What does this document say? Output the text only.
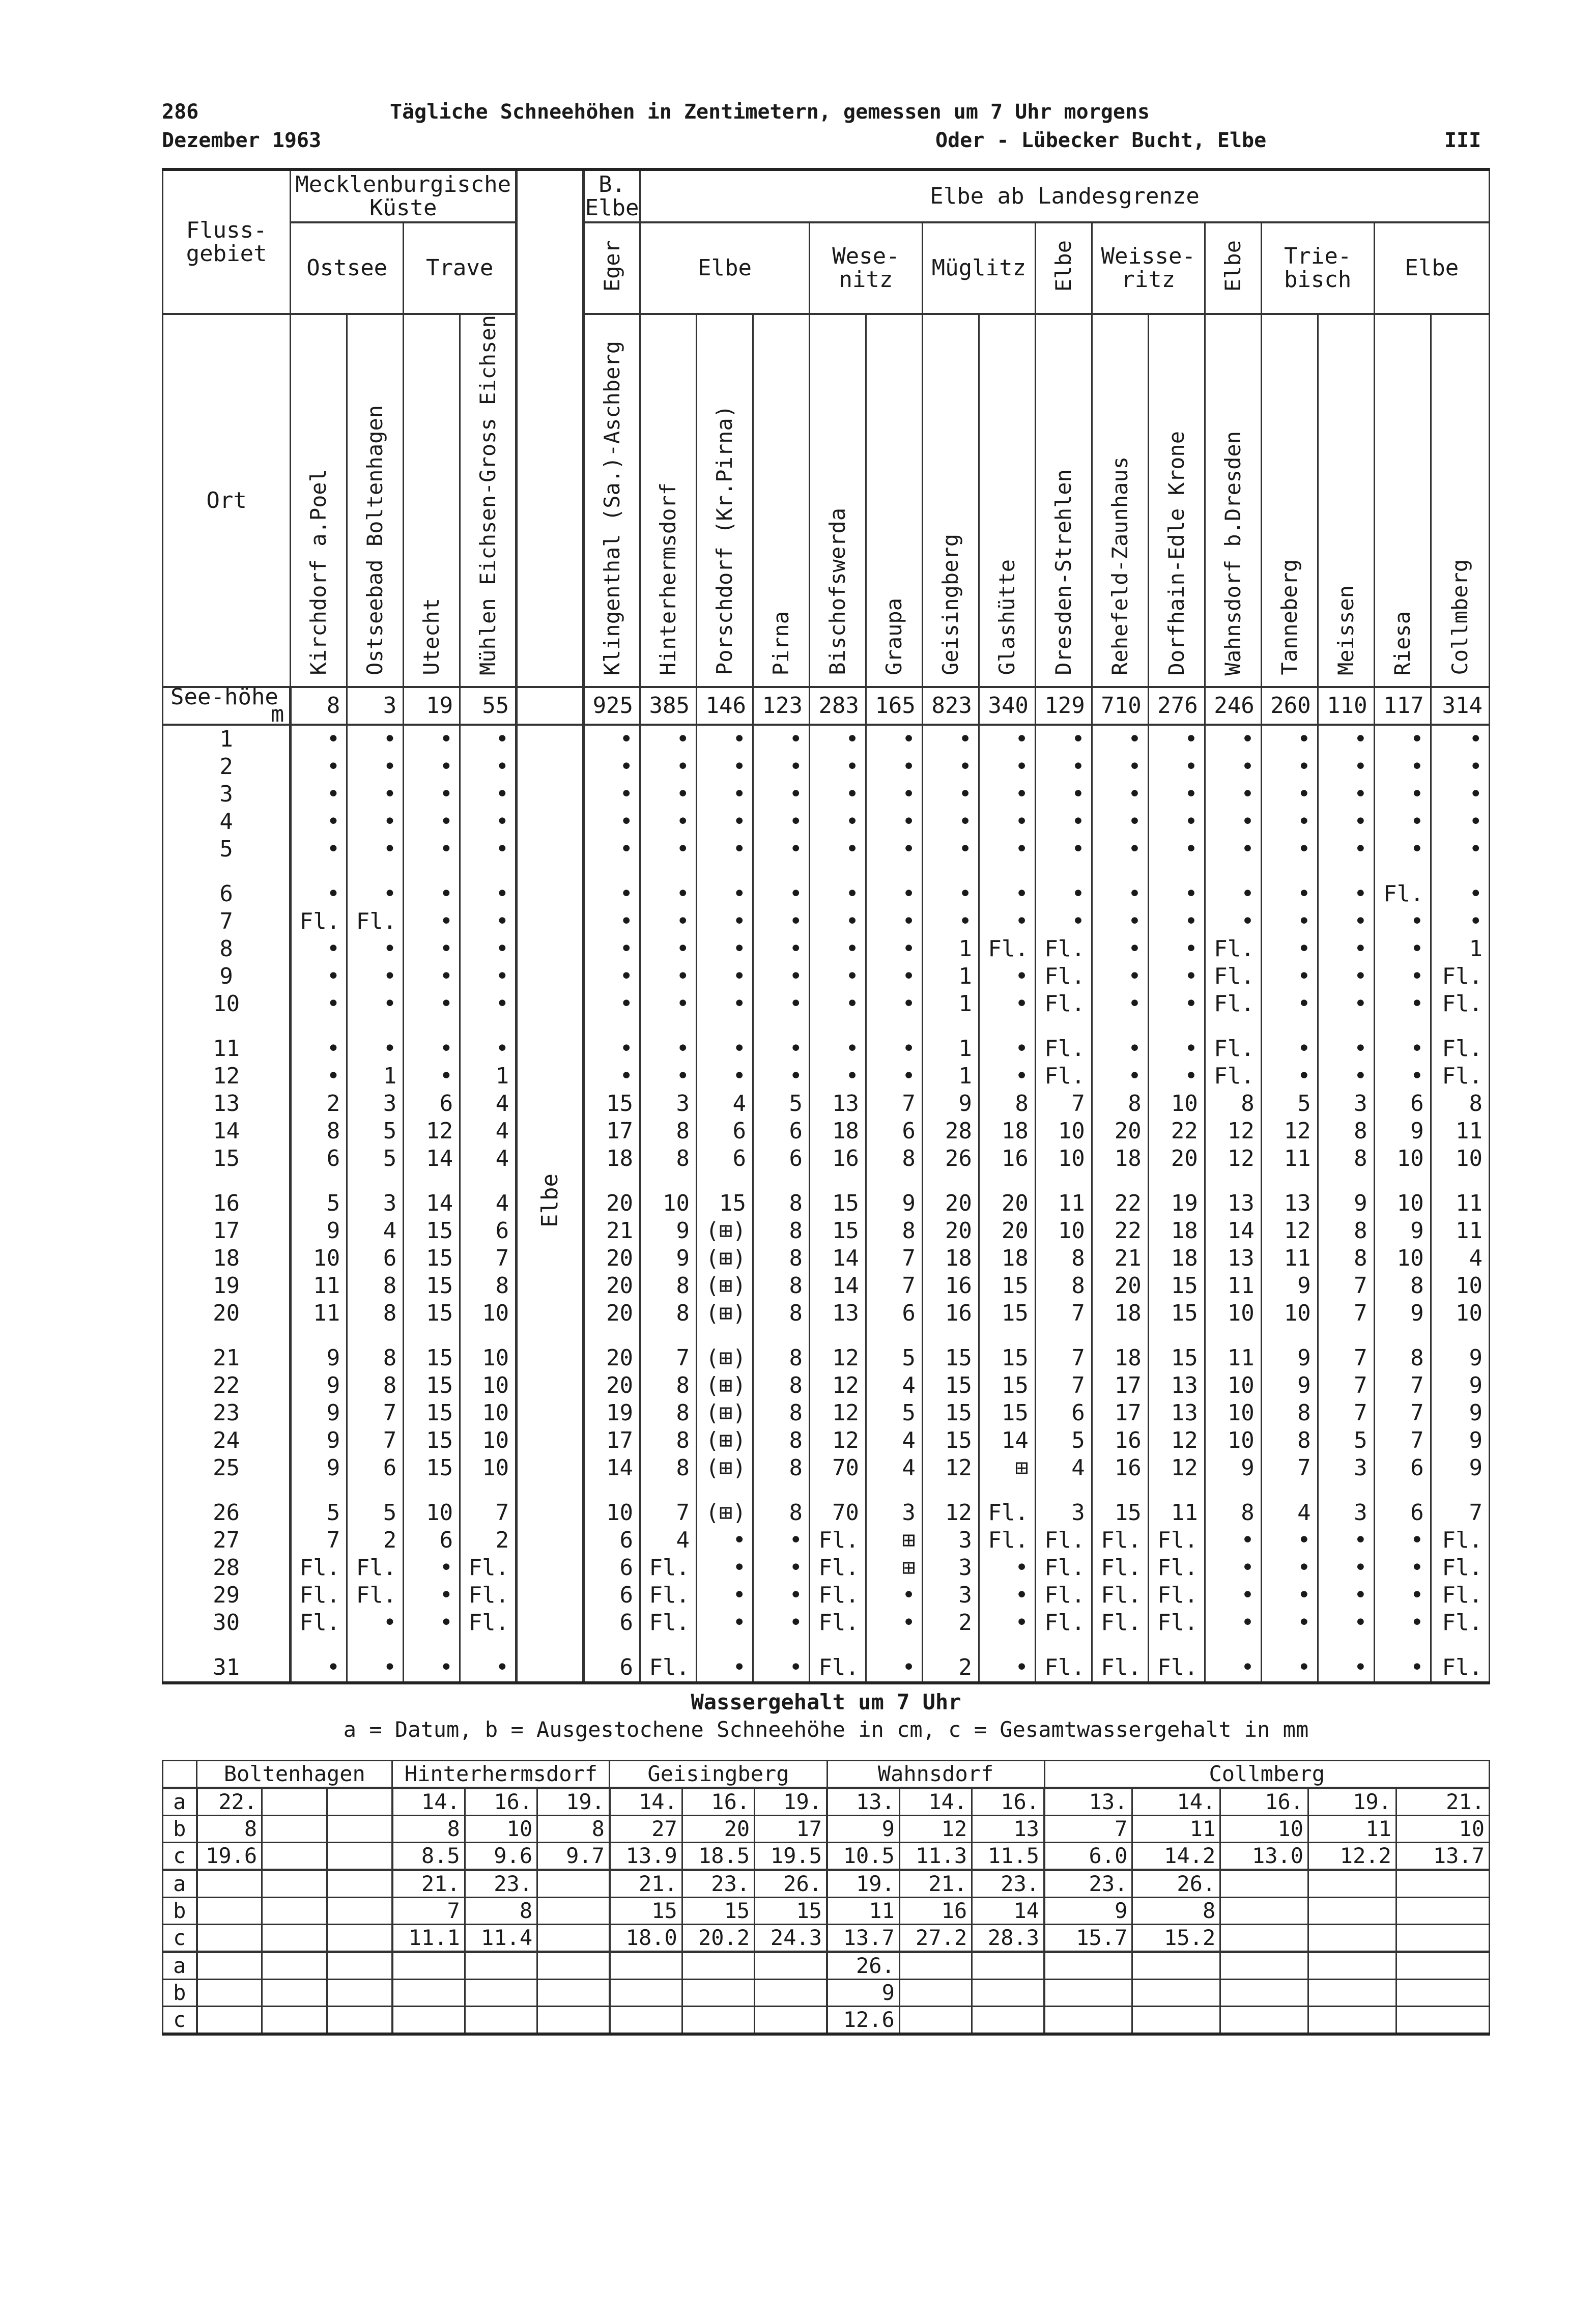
286	Tägliche Schneehöhen in Zentimetern, gemessen um 7 Uhr morgens
Dezember 1963	Oder - Lübecker Bucht, Elbe	III
Fluss-gebiet	Mecklenburgische Küste					B. Elbe	Elbe ab Landesgrenze														
	Ostsee		Trave			Eger	Elbe			Wese-nitz		Müglitz		Elbe	Weisse-ritz		Elbe	Trie-bisch		Elbe	
Ort	Kirchdorf a.Poel	Ostseebad Boltenhagen	Utecht	Mühlen Eichsen-Gross Eichsen		Klingenthal (Sa.)-Aschberg	Hinterhermsdorf	Porschdorf (Kr.Pirna)	Pirna	Bischofswerda	Graupa	Geisingberg	Glashütte	Dresden-Strehlen	Rehefeld-Zaunhaus	Dorfhain-Edle Krone	Wahnsdorf b.Dresden	Tanneberg	Meissen	Riesa	Collmberg
See-höhe
m	8	3	19	55		925	385	146	123	283	165	823	340	129	710	276	246	260	110	117	314
1	•	•	•	•	Elbe	•	•	•	•	•	•	•	•	•	•	•	•	•	•	•	•
2	•	•	•	•		•	•	•	•	•	•	•	•	•	•	•	•	•	•	•	•
3	•	•	•	•		•	•	•	•	•	•	•	•	•	•	•	•	•	•	•	•
4	•	•	•	•		•	•	•	•	•	•	•	•	•	•	•	•	•	•	•	•
5	•	•	•	•		•	•	•	•	•	•	•	•	•	•	•	•	•	•	•	•

6	•	•	•	•		•	•	•	•	•	•	•	•	•	•	•	•	•	•	Fl.	•
7	Fl.	Fl.	•	•		•	•	•	•	•	•	•	•	•	•	•	•	•	•	•	•
8	•	•	•	•		•	•	•	•	•	•	1	Fl.	Fl.	•	•	Fl.	•	•	•	1
9	•	•	•	•		•	•	•	•	•	•	1	•	Fl.	•	•	Fl.	•	•	•	Fl.
10	•	•	•	•		•	•	•	•	•	•	1	•	Fl.	•	•	Fl.	•	•	•	Fl.

11	•	•	•	•		•	•	•	•	•	•	1	•	Fl.	•	•	Fl.	•	•	•	Fl.
12	•	1	•	1		•	•	•	•	•	•	1	•	Fl.	•	•	Fl.	•	•	•	Fl.
13	2	3	6	4		15	3	4	5	13	7	9	8	7	8	10	8	5	3	6	8
14	8	5	12	4		17	8	6	6	18	6	28	18	10	20	22	12	12	8	9	11
15	6	5	14	4		18	8	6	6	16	8	26	16	10	18	20	12	11	8	10	10

16	5	3	14	4		20	10	15	8	15	9	20	20	11	22	19	13	13	9	10	11
17	9	4	15	6		21	9	(⊞)	8	15	8	20	20	10	22	18	14	12	8	9	11
18	10	6	15	7		20	9	(⊞)	8	14	7	18	18	8	21	18	13	11	8	10	4
19	11	8	15	8		20	8	(⊞)	8	14	7	16	15	8	20	15	11	9	7	8	10
20	11	8	15	10		20	8	(⊞)	8	13	6	16	15	7	18	15	10	10	7	9	10

21	9	8	15	10		20	7	(⊞)	8	12	5	15	15	7	18	15	11	9	7	8	9
22	9	8	15	10		20	8	(⊞)	8	12	4	15	15	7	17	13	10	9	7	7	9
23	9	7	15	10		19	8	(⊞)	8	12	5	15	15	6	17	13	10	8	7	7	9
24	9	7	15	10		17	8	(⊞)	8	12	4	15	14	5	16	12	10	8	5	7	9
25	9	6	15	10		14	8	(⊞)	8	70	4	12	⊞	4	16	12	9	7	3	6	9

26	5	5	10	7		10	7	(⊞)	8	70	3	12	Fl.	3	15	11	8	4	3	6	7
27	7	2	6	2		6	4	•	•	Fl.	⊞	3	Fl.	Fl.	Fl.	Fl.	•	•	•	•	Fl.
28	Fl.	Fl.	•	Fl.		6	Fl.	•	•	Fl.	⊞	3	•	Fl.	Fl.	Fl.	•	•	•	•	Fl.
29	Fl.	Fl.	•	Fl.		6	Fl.	•	•	Fl.	•	3	•	Fl.	Fl.	Fl.	•	•	•	•	Fl.
30	Fl.	•	•	Fl.		6	Fl.	•	•	Fl.	•	2	•	Fl.	Fl.	Fl.	•	•	•	•	Fl.

31	•	•	•	•		6	Fl.	•	•	Fl.	•	2	•	Fl.	Fl.	Fl.	•	•	•	•	Fl.
Wassergehalt um 7 Uhr
a = Datum, b = Ausgestochene Schneehöhe in cm, c = Gesamtwassergehalt in mm
	Boltenhagen			Hinterhermsdorf			Geisingberg			Wahnsdorf			Collmberg				
a	22.			14.	16.	19.	14.	16.	19.	13.	14.	16.	13.	14.	16.	19.	21.
b	8			8	10	8	27	20	17	9	12	13	7	11	10	11	10
c	19.6			8.5	9.6	9.7	13.9	18.5	19.5	10.5	11.3	11.5	6.0	14.2	13.0	12.2	13.7
a				21.	23.		21.	23.	26.	19.	21.	23.	23.	26.			
b				7	8		15	15	15	11	16	14	9	8			
c				11.1	11.4		18.0	20.2	24.3	13.7	27.2	28.3	15.7	15.2			
a										26.							
b										9							
c										12.6							
